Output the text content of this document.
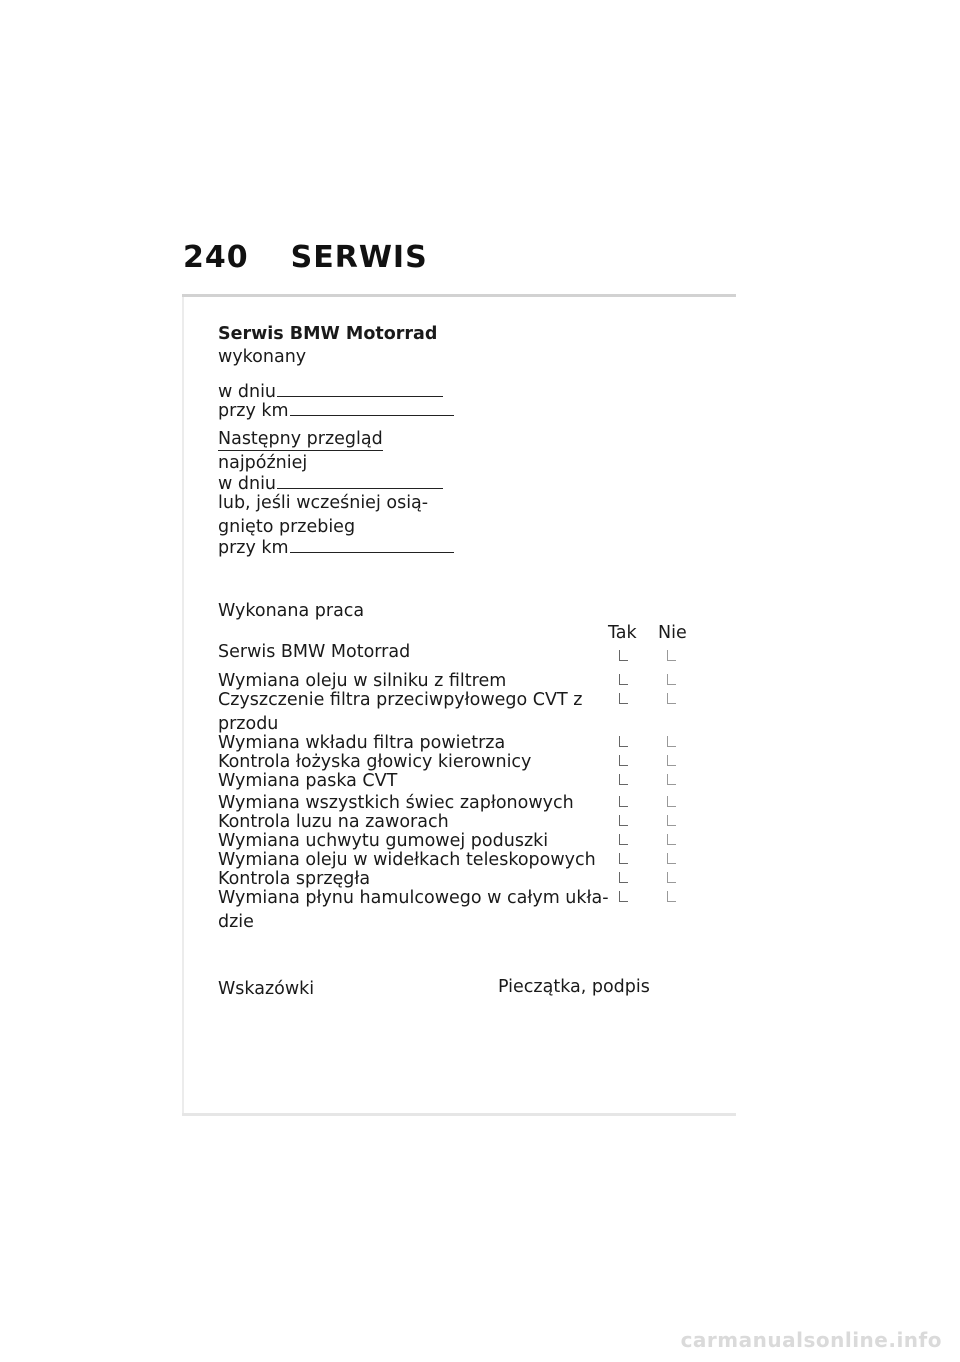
240 SERWIS
Serwis BMW Motorrad
wykonany
w dniu
przy km
Następny przegląd
najpóźniej
w dniu
lub, jeśli wcześniej osią-
gnięto przebieg
przy km
Wykonana praca
Tak Nie
Serwis BMW Motorrad
Wymiana oleju w silniku z filtrem
Czyszczenie filtra przeciwpyłowego CVT z
przodu
Wymiana wkładu filtra powietrza
Kontrola łożyska głowicy kierownicy
Wymiana paska CVT
Wymiana wszystkich świec zapłonowych
Kontrola luzu na zaworach
Wymiana uchwytu gumowej poduszki
Wymiana oleju w widełkach teleskopowych
Kontrola sprzęgła
Wymiana płynu hamulcowego w całym ukła-
dzie
Wskazówki	Pieczątka, podpis
carmanualsonline.info
